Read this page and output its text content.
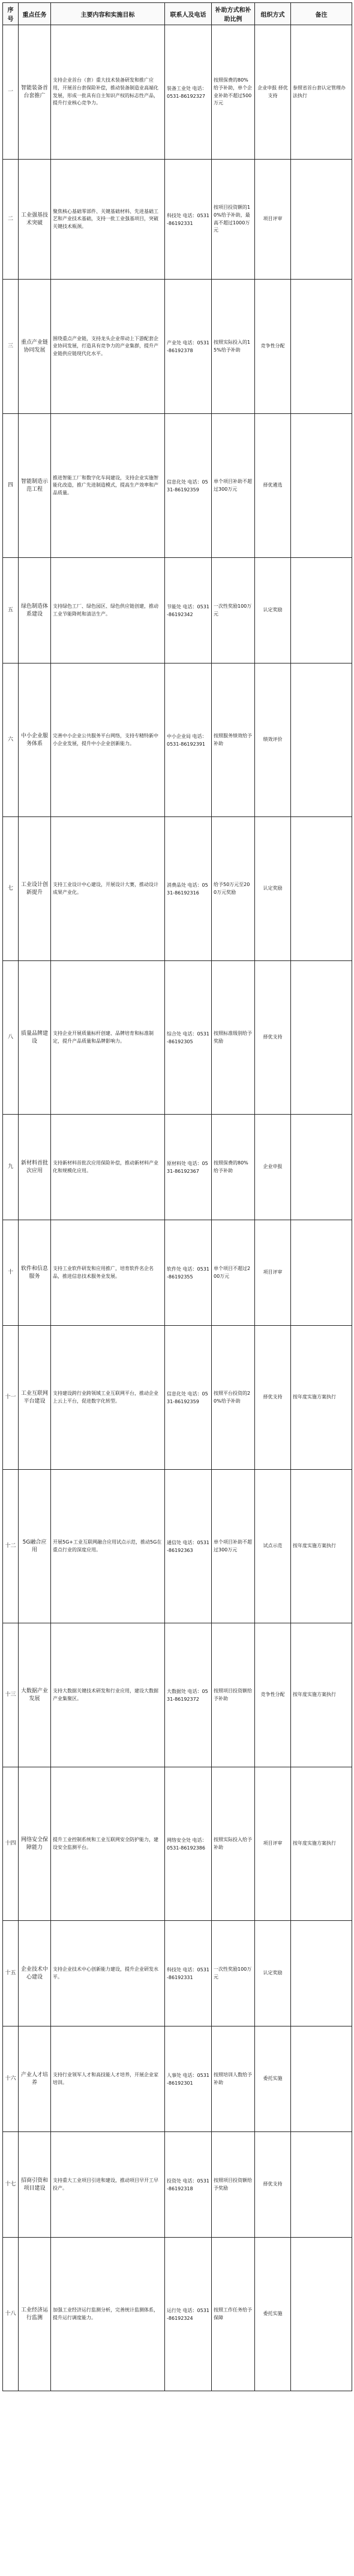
序号	重点任务	主要内容和实施目标	联系人及电话	补助方式和补助比例	组织方式	备注
一	智能装备首台套推广	支持企业首台（套）重大技术装备研发和推广应用，开展首台套保险补偿，推动装备制造业高端化发展，形成一批具有自主知识产权的标志性产品，提升行业核心竞争力。	装备工业处 电话：0531-86192327	按照保费的80%给予补助，单个企业补助不超过500万元	企业申报 择优支持	参照省首台套认定管理办法执行
二	工业强基技术突破	聚焦核心基础零部件、关键基础材料、先进基础工艺和产业技术基础，支持一批工业强基项目，突破关键技术瓶颈。	科技处 电话：0531-86192331	按项目投资额的10%给予补助，最高不超过1000万元	项目评审	
三	重点产业链协同发展	围绕重点产业链，支持龙头企业带动上下游配套企业协同发展，打造具有竞争力的产业集群，提升产业链供应链现代化水平。	产业处 电话：0531-86192378	按照实际投入的15%给予补助	竞争性分配	
四	智能制造示范工程	推进智能工厂和数字化车间建设，支持企业实施智能化改造，推广先进制造模式，提高生产效率和产品质量。	信息化处 电话：0531-86192359	单个项目补助不超过300万元	择优遴选	
五	绿色制造体系建设	支持绿色工厂、绿色园区、绿色供应链创建，推动工业节能降耗和清洁生产。	节能处 电话：0531-86192342	一次性奖励100万元	认定奖励	
六	中小企业服务体系	完善中小企业公共服务平台网络，支持专精特新中小企业发展，提升中小企业创新能力。	中小企业局 电话：0531-86192391	按照服务绩效给予补助	绩效评价	
七	工业设计创新提升	支持工业设计中心建设，开展设计大赛，推动设计成果产业化。	消费品处 电话：0531-86192316	给予50万元至200万元奖励	认定奖励	
八	质量品牌建设	支持企业开展质量标杆创建、品牌培育和标准制定，提升产品质量和品牌影响力。	综合处 电话：0531-86192305	按照标准级别给予奖励	择优支持	
九	新材料首批次应用	支持新材料首批次应用保险补偿，推动新材料产业化和规模化应用。	原材料处 电话：0531-86192367	按照保费的80%给予补助	企业申报	
十	软件和信息服务	支持工业软件研发和应用推广，培育软件名企名品，推进信息技术服务业发展。	软件处 电话：0531-86192355	单个项目不超过200万元	项目评审	
十一	工业互联网平台建设	支持建设跨行业跨领域工业互联网平台，推动企业上云上平台，促进数字化转型。	信息化处 电话：0531-86192359	按照平台投资的20%给予补助	择优支持	按年度实施方案执行
十二	5G融合应用	开展5G+工业互联网融合应用试点示范，推动5G在重点行业的深度应用。	通信处 电话：0531-86192363	单个项目补助不超过300万元	试点示范	按年度实施方案执行
十三	大数据产业发展	支持大数据关键技术研发和行业应用，建设大数据产业集聚区。	大数据处 电话：0531-86192372	按照项目投资额给予补助	竞争性分配	按年度实施方案执行
十四	网络安全保障能力	提升工业控制系统和工业互联网安全防护能力，建设安全监测平台。	网络安全处 电话：0531-86192386	按照实际投入给予补助	项目评审	按年度实施方案执行
十五	企业技术中心建设	支持企业技术中心创新能力建设，提升企业研发水平。	科技处 电话：0531-86192331	一次性奖励100万元	认定奖励	
十六	产业人才培养	支持行业领军人才和高技能人才培养，开展企业家培训。	人事处 电话：0531-86192301	按照培训人数给予补助	委托实施	
十七	招商引资和项目建设	支持重大工业项目引进和建设，推动项目早开工早投产。	投资处 电话：0531-86192318	按照项目投资额给予奖励	择优支持	
十八	工业经济运行监测	加强工业经济运行监测分析，完善统计监测体系，提升运行调度能力。	运行处 电话：0531-86192324	按照工作任务给予保障	委托实施	
